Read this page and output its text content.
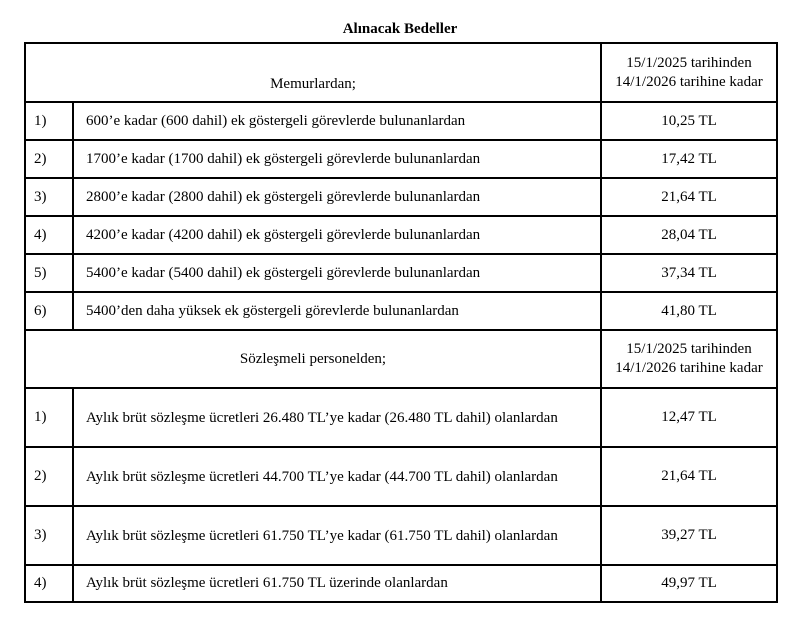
Alınacak Bedeller
Memurlardan;		15/1/2025 tarihinden
14/1/2026 tarihine kadar

1)	600’e kadar (600 dahil) ek göstergeli görevlerde bulunanlardan	10,25 TL
2)	1700’e kadar (1700 dahil) ek göstergeli görevlerde bulunanlardan	17,42 TL
3)	2800’e kadar (2800 dahil) ek göstergeli görevlerde bulunanlardan	21,64 TL
4)	4200’e kadar (4200 dahil) ek göstergeli görevlerde bulunanlardan	28,04 TL
5)	5400’e kadar (5400 dahil) ek göstergeli görevlerde bulunanlardan	37,34 TL
6)	5400’den daha yüksek ek göstergeli görevlerde bulunanlardan	41,80 TL
Sözleşmeli personelden;		15/1/2025 tarihinden
14/1/2026 tarihine kadar

1)	Aylık brüt sözleşme ücretleri 26.480 TL’ye kadar (26.480 TL dahil) olanlardan	12,47 TL
2)	Aylık brüt sözleşme ücretleri 44.700 TL’ye kadar (44.700 TL dahil) olanlardan	21,64 TL
3)	Aylık brüt sözleşme ücretleri 61.750 TL’ye kadar (61.750 TL dahil) olanlardan	39,27 TL
4)	Aylık brüt sözleşme ücretleri 61.750 TL üzerinde olanlardan	49,97 TL
